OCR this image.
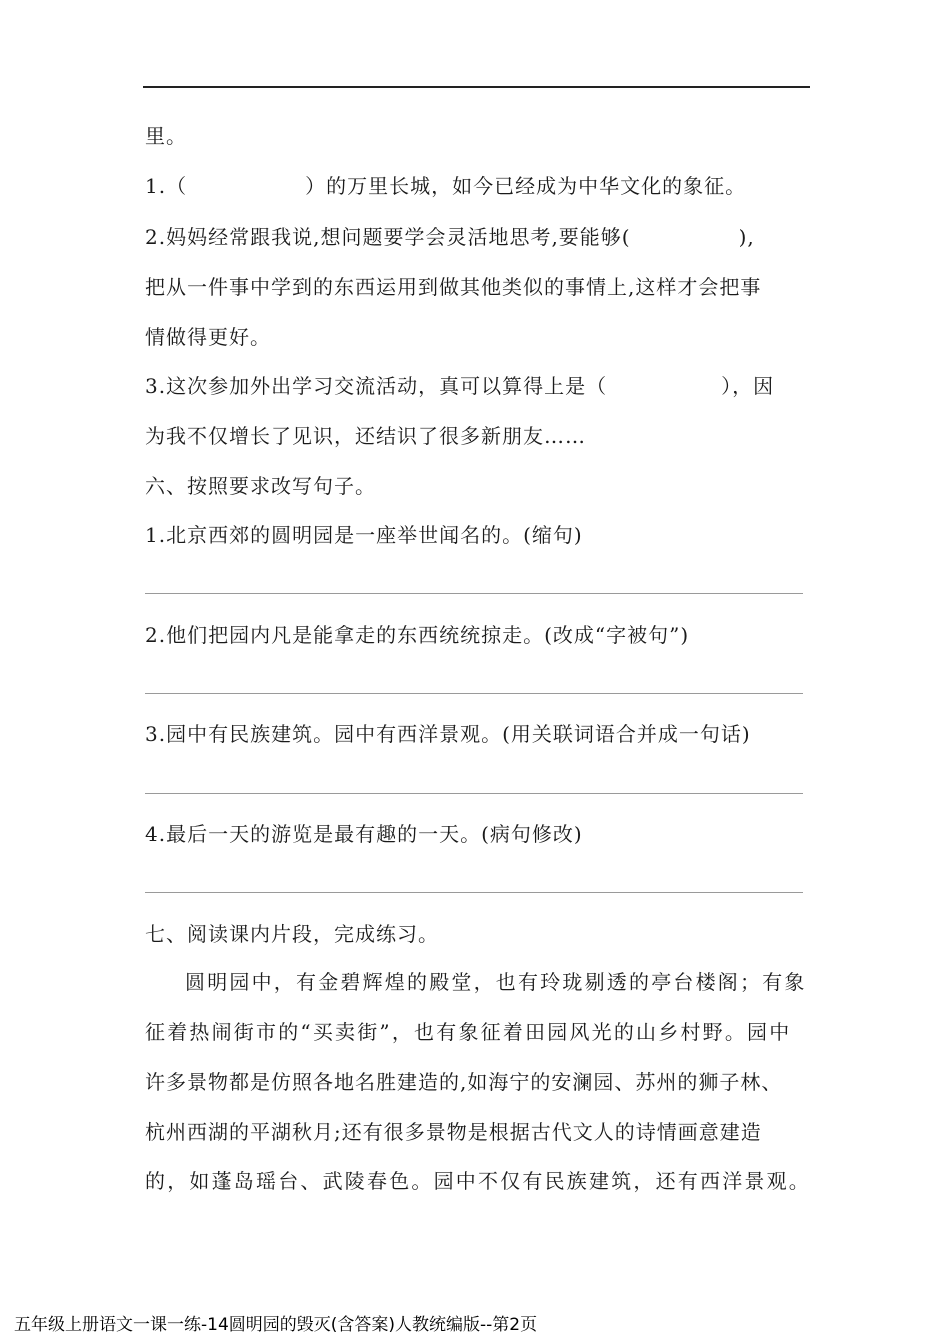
里。
1.（	）的万里长城，如今已经成为中华文化的象征。
2.妈妈经常跟我说,想问题要学会灵活地思考,要能够(	),
把从一件事中学到的东西运用到做其他类似的事情上,这样才会把事
情做得更好。
3.这次参加外出学习交流活动，真可以算得上是（	），因
为我不仅增长了见识，还结识了很多新朋友……
六、按照要求改写句子。
1.北京西郊的圆明园是一座举世闻名的。(缩句)
2.他们把园内凡是能拿走的东西统统掠走。(改成“字被句”)
3.园中有民族建筑。园中有西洋景观。(用关联词语合并成一句话)
4.最后一天的游览是最有趣的一天。(病句修改)
七、阅读课内片段，完成练习。
圆明园中，有金碧辉煌的殿堂，也有玲珑剔透的亭台楼阁；有象
征着热闹街市的“买卖街”，也有象征着田园风光的山乡村野。园中
许多景物都是仿照各地名胜建造的,如海宁的安澜园、苏州的狮子林、
杭州西湖的平湖秋月;还有很多景物是根据古代文人的诗情画意建造
的，如蓬岛瑶台、武陵春色。园中不仅有民族建筑，还有西洋景观。
五年级上册语文一课一练-14圆明园的毁灭(含答案)人教统编版--第2页
